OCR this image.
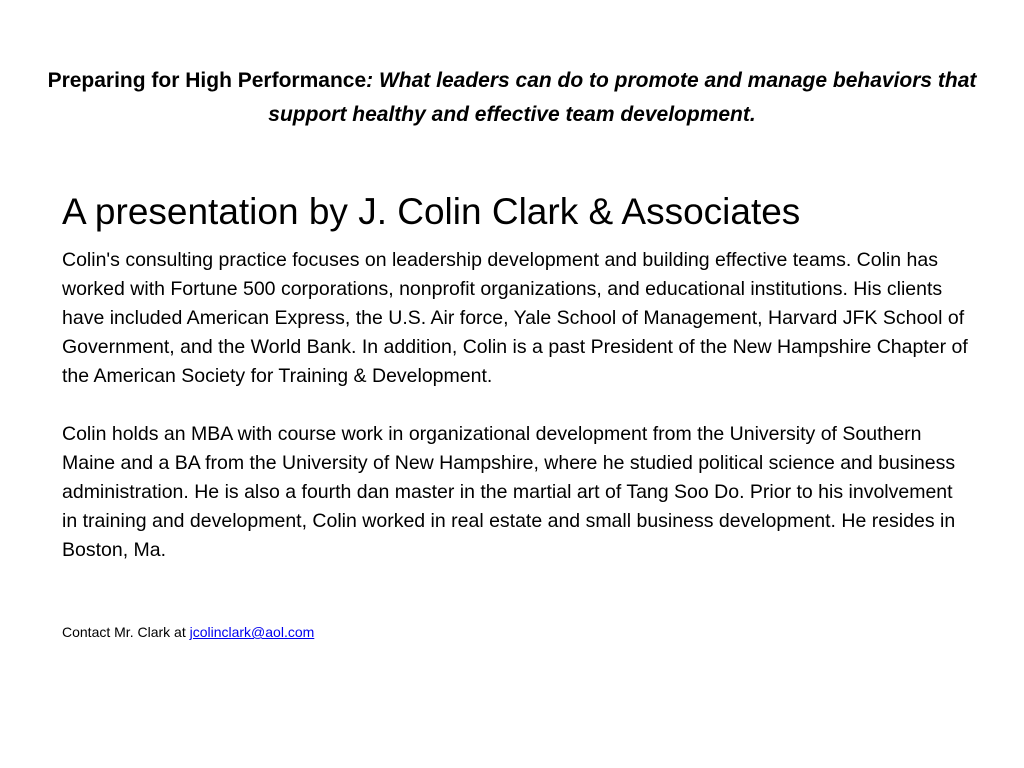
Preparing for High Performance: What leaders can do to promote and manage behaviors that support healthy and effective team development.
A presentation by J. Colin Clark & Associates

Colin's consulting practice focuses on leadership development and building effective teams. Colin has worked with Fortune 500 corporations, nonprofit organizations, and educational institutions. His clients have included American Express, the U.S. Air force, Yale School of Management, Harvard JFK School of Government, and the World Bank. In addition, Colin is a past President of the New Hampshire Chapter of the American Society for Training & Development.

Colin holds an MBA with course work in organizational development from the University of Southern Maine and a BA from the University of New Hampshire, where he studied political science and business administration. He is also a fourth dan master in the martial art of Tang Soo Do. Prior to his involvement in training and development, Colin worked in real estate and small business development. He resides in Boston, Ma.

Contact Mr. Clark at jcolinclark@aol.com
